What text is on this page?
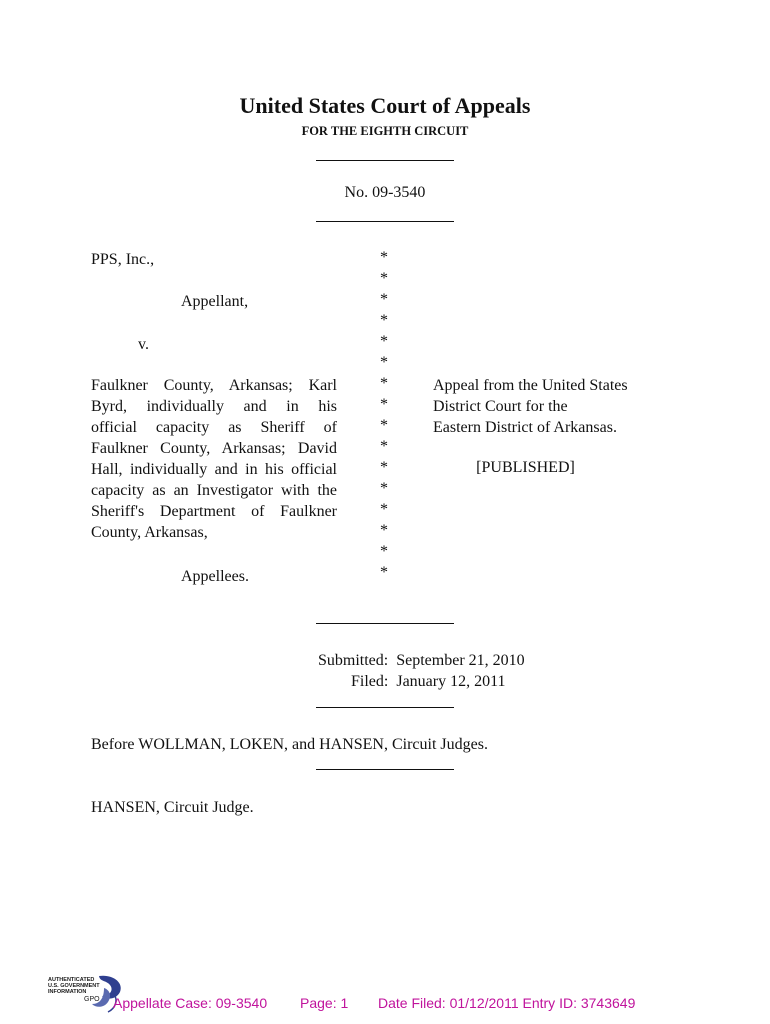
United States Court of Appeals
FOR THE EIGHTH CIRCUIT
No. 09-3540
PPS, Inc.,
Appellant,
v.
Faulkner County, Arkansas; Karl
Byrd, individually and in his
official capacity as Sheriff of
Faulkner County, Arkansas; David
Hall, individually and in his official
capacity as an Investigator with the
Sheriff's Department of Faulkner
County, Arkansas,
Appellees.
*
*
*
*
*
*
*
*
*
*
*
*
*
*
*
*
Appeal from the United States
District Court for the
Eastern District of Arkansas.
[PUBLISHED]
Submitted:  September 21, 2010
Filed:  January 12, 2011
Before WOLLMAN, LOKEN, and HANSEN, Circuit Judges.
HANSEN, Circuit Judge.
AUTHENTICATED
U.S. GOVERNMENT
INFORMATION
GPO Appellate Case: 09-3540 Page: 1 Date Filed: 01/12/2011 Entry ID: 3743649
